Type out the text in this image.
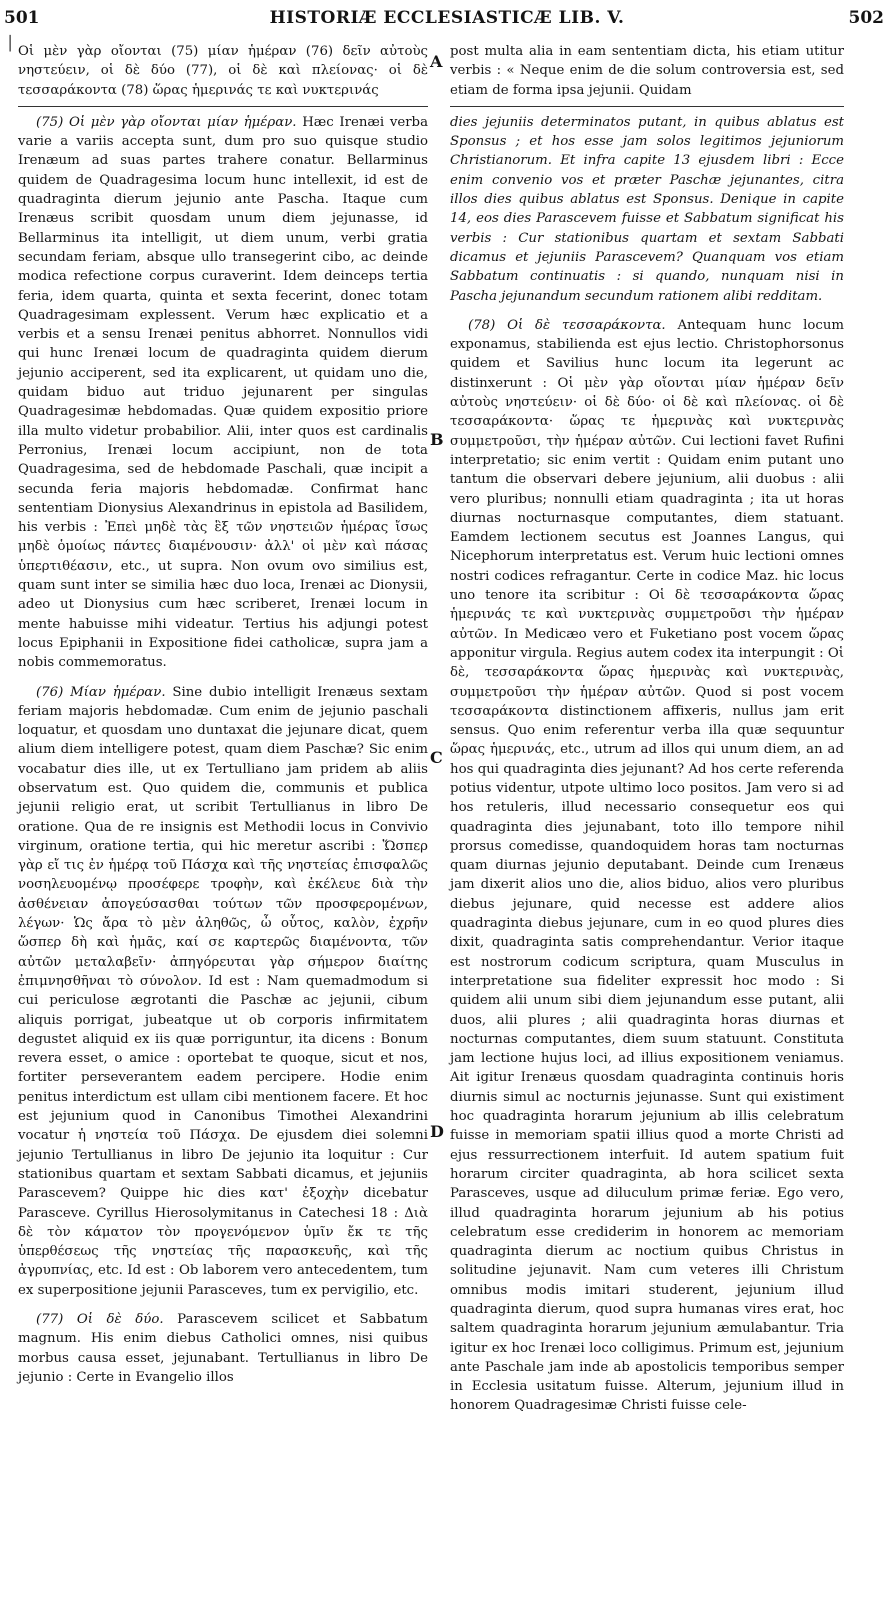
501	HISTORIÆ ECCLESIASTICÆ LIB. V.	502
│
A
B
C
D

Οἱ μὲν γὰρ οἴονται (75) μίαν ἡμέραν (76) δεῖν αὐτοὺς νηστεύειν, οἱ δὲ δύο (77), οἱ δὲ καὶ πλείονας· οἱ δὲ τεσσαράκοντα (78) ὥρας ἡμερινάς τε καὶ νυκτερινάς

(75) Οἱ μὲν γὰρ οἴονται μίαν ἡμέραν. Hæc Irenæi verba varie a variis accepta sunt, dum pro suo quisque studio Irenæum ad suas partes trahere conatur. Bellarminus quidem de Quadragesima locum hunc intellexit, id est de quadraginta dierum jejunio ante Pascha. Itaque cum Irenæus scribit quosdam unum diem jejunasse, id Bellarminus ita intelligit, ut diem unum, verbi gratia secundam feriam, absque ullo transegerint cibo, ac deinde modica refectione corpus curaverint. Idem deinceps tertia feria, idem quarta, quinta et sexta fecerint, donec totam Quadragesimam explessent. Verum hæc explicatio et a verbis et a sensu Irenæi penitus abhorret. Nonnullos vidi qui hunc Irenæi locum de quadraginta quidem dierum jejunio acciperent, sed ita explicarent, ut quidam uno die, quidam biduo aut triduo jejunarent per singulas Quadragesimæ hebdomadas. Quæ quidem expositio priore illa multo videtur probabilior. Alii, inter quos est cardinalis Perronius, Irenæi locum accipiunt, non de tota Quadragesima, sed de hebdomade Paschali, quæ incipit a secunda feria majoris hebdomadæ. Confirmat hanc sententiam Dionysius Alexandrinus in epistola ad Basilidem, his verbis : Ἐπεὶ μηδὲ τὰς ἓξ τῶν νηστειῶν ἡμέρας ἴσως μηδὲ ὁμοίως πάντες διαμένουσιν· ἀλλ' οἱ μὲν καὶ πάσας ὑπερτιθέασιν, etc., ut supra. Non ovum ovo similius est, quam sunt inter se similia hæc duo loca, Irenæi ac Dionysii, adeo ut Dionysius cum hæc scriberet, Irenæi locum in mente habuisse mihi videatur. Tertius his adjungi potest locus Epiphanii in Expositione fidei catholicæ, supra jam a nobis commemoratus.

(76) Μίαν ἡμέραν. Sine dubio intelligit Irenæus sextam feriam majoris hebdomadæ. Cum enim de jejunio paschali loquatur, et quosdam uno duntaxat die jejunare dicat, quem alium diem intelligere potest, quam diem Paschæ? Sic enim vocabatur dies ille, ut ex Tertulliano jam pridem ab aliis observatum est. Quo quidem die, communis et publica jejunii religio erat, ut scribit Tertullianus in libro De oratione. Qua de re insignis est Methodii locus in Convivio virginum, oratione tertia, qui hic meretur ascribi : Ὥσπερ γὰρ εἴ τις ἐν ἡμέρᾳ τοῦ Πάσχα καὶ τῆς νηστείας ἐπισφαλῶς νοσηλευομένῳ προσέφερε τροφὴν, καὶ ἐκέλευε διὰ τὴν ἀσθένειαν ἀπογεύσασθαι τούτων τῶν προσφερομένων, λέγων· Ὡς ἄρα τὸ μὲν ἀληθῶς, ὦ οὗτος, καλὸν, ἐχρῆν ὥσπερ δὴ καὶ ἡμᾶς, καί σε καρτερῶς διαμένοντα, τῶν αὐτῶν μεταλαβεῖν· ἀπηγόρευται γὰρ σήμερον διαίτης ἐπιμνησθῆναι τὸ σύνολον. Id est : Nam quemadmodum si cui periculose ægrotanti die Paschæ ac jejunii, cibum aliquis porrigat, jubeatque ut ob corporis infirmitatem degustet aliquid ex iis quæ porriguntur, ita dicens : Bonum revera esset, o amice : oportebat te quoque, sicut et nos, fortiter perseverantem eadem percipere. Hodie enim penitus interdictum est ullam cibi mentionem facere. Et hoc est jejunium quod in Canonibus Timothei Alexandrini vocatur ἡ νηστεία τοῦ Πάσχα. De ejusdem diei solemni jejunio Tertullianus in libro De jejunio ita loquitur : Cur stationibus quartam et sextam Sabbati dicamus, et jejuniis Parascevem? Quippe hic dies κατ' ἐξοχὴν dicebatur Parasceve. Cyrillus Hierosolymitanus in Catechesi 18 : Διὰ δὲ τὸν κάματον τὸν προγενόμενον ὑμῖν ἔκ τε τῆς ὑπερθέσεως τῆς νηστείας τῆς παρασκευῆς, καὶ τῆς ἀγρυπνίας, etc. Id est : Ob laborem vero antecedentem, tum ex superpositione jejunii Parasceves, tum ex pervigilio, etc.

(77) Οἱ δὲ δύο. Parascevem scilicet et Sabbatum magnum. His enim diebus Catholici omnes, nisi quibus morbus causa esset, jejunabant. Tertullianus in libro De jejunio : Certe in Evangelio illos

post multa alia in eam sententiam dicta, his etiam utitur verbis : « Neque enim de die solum controversia est, sed etiam de forma ipsa jejunii. Quidam

dies jejuniis determinatos putant, in quibus ablatus est Sponsus ; et hos esse jam solos legitimos jejuniorum Christianorum. Et infra capite 13 ejusdem libri : Ecce enim convenio vos et præter Paschæ jejunantes, citra illos dies quibus ablatus est Sponsus. Denique in capite 14, eos dies Parascevem fuisse et Sabbatum significat his verbis : Cur stationibus quartam et sextam Sabbati dicamus et jejuniis Parascevem? Quanquam vos etiam Sabbatum continuatis : si quando, nunquam nisi in Pascha jejunandum secundum rationem alibi redditam.

(78) Οἱ δὲ τεσσαράκοντα. Antequam hunc locum exponamus, stabilienda est ejus lectio. Christophorsonus quidem et Savilius hunc locum ita legerunt ac distinxerunt : Οἱ μὲν γὰρ οἴονται μίαν ἡμέραν δεῖν αὐτοὺς νηστεύειν· οἱ δὲ δύο· οἱ δὲ καὶ πλείονας. οἱ δὲ τεσσαράκοντα· ὥρας τε ἡμερινὰς καὶ νυκτερινὰς συμμετροῦσι, τὴν ἡμέραν αὐτῶν. Cui lectioni favet Rufini interpretatio; sic enim vertit : Quidam enim putant uno tantum die observari debere jejunium, alii duobus : alii vero pluribus; nonnulli etiam quadraginta ; ita ut horas diurnas nocturnasque computantes, diem statuant. Eamdem lectionem secutus est Joannes Langus, qui Nicephorum interpretatus est. Verum huic lectioni omnes nostri codices refragantur. Certe in codice Maz. hic locus uno tenore ita scribitur : Οἱ δὲ τεσσαράκοντα ὥρας ἡμερινάς τε καὶ νυκτερινὰς συμμετροῦσι τὴν ἡμέραν αὐτῶν. In Medicæo vero et Fuketiano post vocem ὥρας apponitur virgula. Regius autem codex ita interpungit : Οἱ δὲ, τεσσαράκοντα ὥρας ἡμερινὰς καὶ νυκτερινὰς, συμμετροῦσι τὴν ἡμέραν αὐτῶν. Quod si post vocem τεσσαράκοντα distinctionem affixeris, nullus jam erit sensus. Quo enim referentur verba illa quæ sequuntur ὥρας ἡμερινάς, etc., utrum ad illos qui unum diem, an ad hos qui quadraginta dies jejunant? Ad hos certe referenda potius videntur, utpote ultimo loco positos. Jam vero si ad hos retuleris, illud necessario consequetur eos qui quadraginta dies jejunabant, toto illo tempore nihil prorsus comedisse, quandoquidem horas tam nocturnas quam diurnas jejunio deputabant. Deinde cum Irenæus jam dixerit alios uno die, alios biduo, alios vero pluribus diebus jejunare, quid necesse est addere alios quadraginta diebus jejunare, cum in eo quod plures dies dixit, quadraginta satis comprehendantur. Verior itaque est nostrorum codicum scriptura, quam Musculus in interpretatione sua fideliter expressit hoc modo : Si quidem alii unum sibi diem jejunandum esse putant, alii duos, alii plures ; alii quadraginta horas diurnas et nocturnas computantes, diem suum statuunt. Constituta jam lectione hujus loci, ad illius expositionem veniamus. Ait igitur Irenæus quosdam quadraginta continuis horis diurnis simul ac nocturnis jejunasse. Sunt qui existiment hoc quadraginta horarum jejunium ab illis celebratum fuisse in memoriam spatii illius quod a morte Christi ad ejus ressurrectionem interfuit. Id autem spatium fuit horarum circiter quadraginta, ab hora scilicet sexta Parasceves, usque ad diluculum primæ feriæ. Ego vero, illud quadraginta horarum jejunium ab his potius celebratum esse crediderim in honorem ac memoriam quadraginta dierum ac noctium quibus Christus in solitudine jejunavit. Nam cum veteres illi Christum omnibus modis imitari studerent, jejunium illud quadraginta dierum, quod supra humanas vires erat, hoc saltem quadraginta horarum jejunium æmulabantur. Tria igitur ex hoc Irenæi loco colligimus. Primum est, jejunium ante Paschale jam inde ab apostolicis temporibus semper in Ecclesia usitatum fuisse. Alterum, jejunium illud in honorem Quadragesimæ Christi fuisse cele-
